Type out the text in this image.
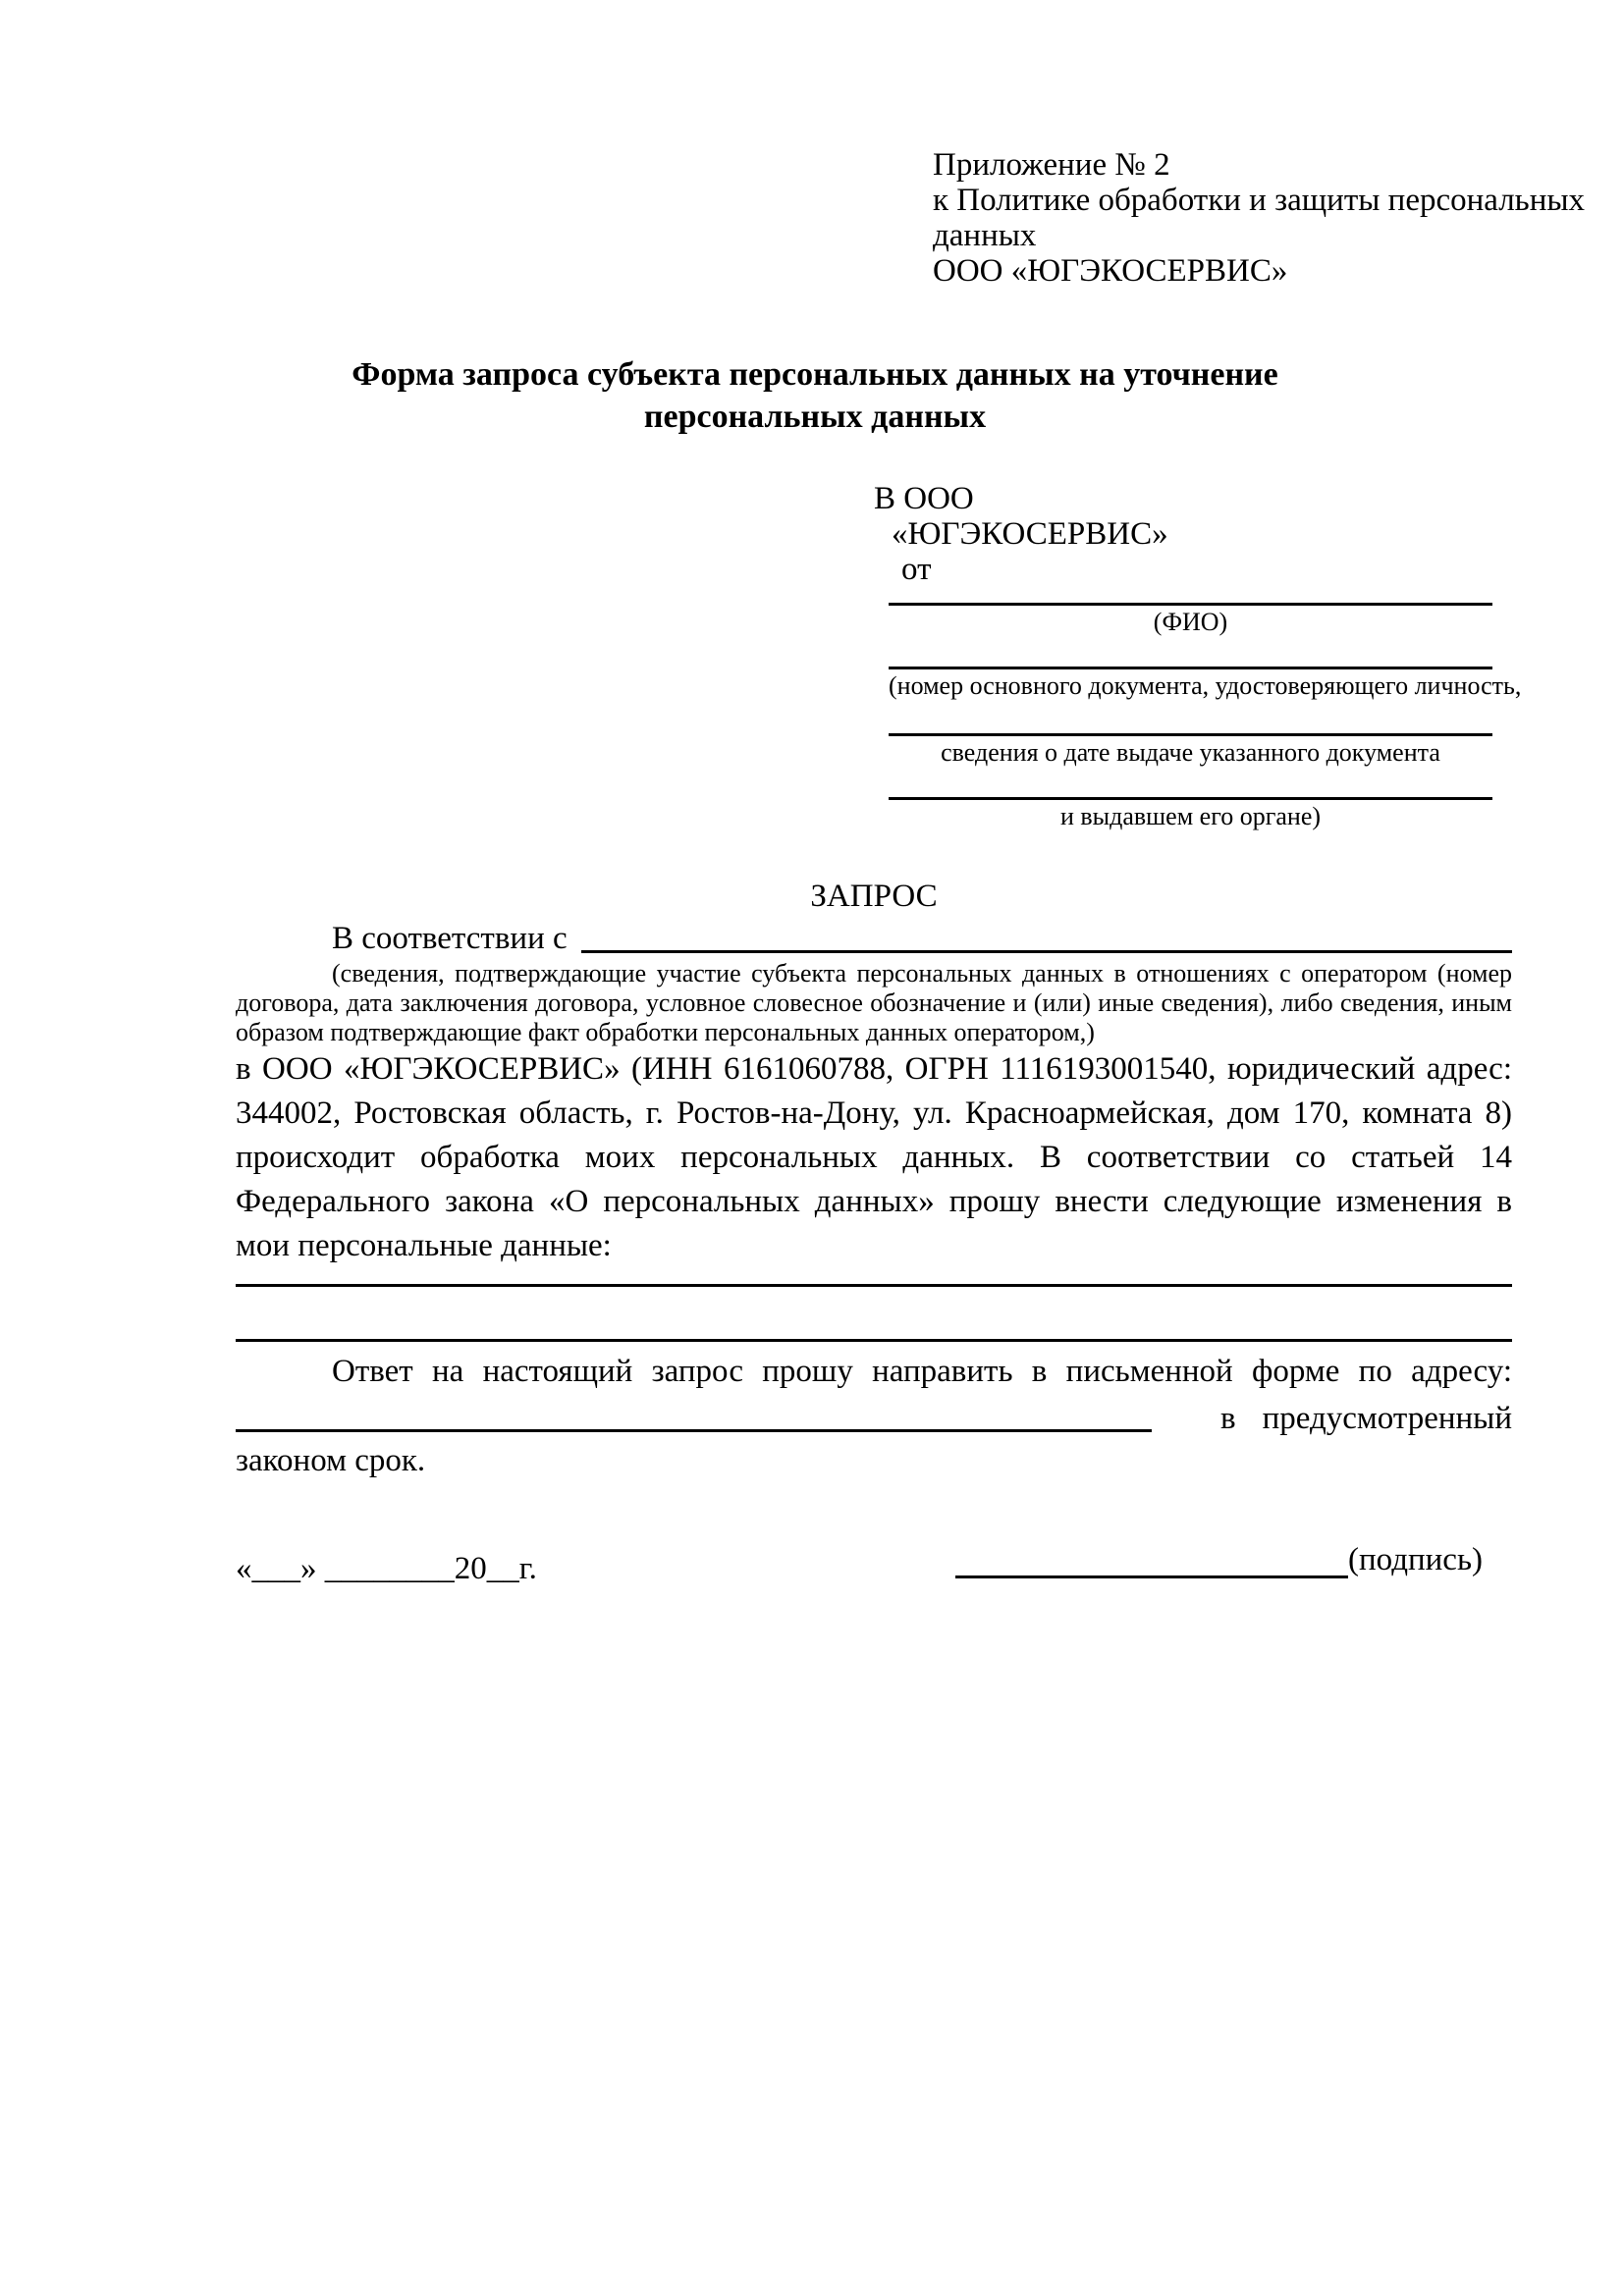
Приложение № 2
к Политике обработки и защиты персональных
данных
ООО «ЮГЭКОСЕРВИС»
Форма запроса субъекта персональных данных на уточнение
персональных данных
В ООО
«ЮГЭКОСЕРВИС»
от
(ФИО)
(номер основного документа, удостоверяющего личность,
сведения о дате выдаче указанного документа
и выдавшем его органе)
ЗАПРОС
В соответствии с
(сведения, подтверждающие участие субъекта персональных данных в отношениях с оператором (номер договора, дата заключения договора, условное словесное обозначение и (или) иные сведения), либо сведения, иным образом подтверждающие факт обработки персональных данных оператором,)
в ООО «ЮГЭКОСЕРВИС» (ИНН 6161060788, ОГРН 1116193001540, юридический адрес: 344002, Ростовская область, г. Ростов-на-Дону, ул. Красноармейская, дом 170, комната 8) происходит обработка моих персональных данных. В соответствии со статьей 14 Федерального закона «О персональных данных» прошу внести следующие изменения в мои персональные данные:
Ответ на настоящий запрос прошу направить в письменной форме по адресу:
в предусмотренный
законом срок.
«___» ________20__г.	(подпись)
